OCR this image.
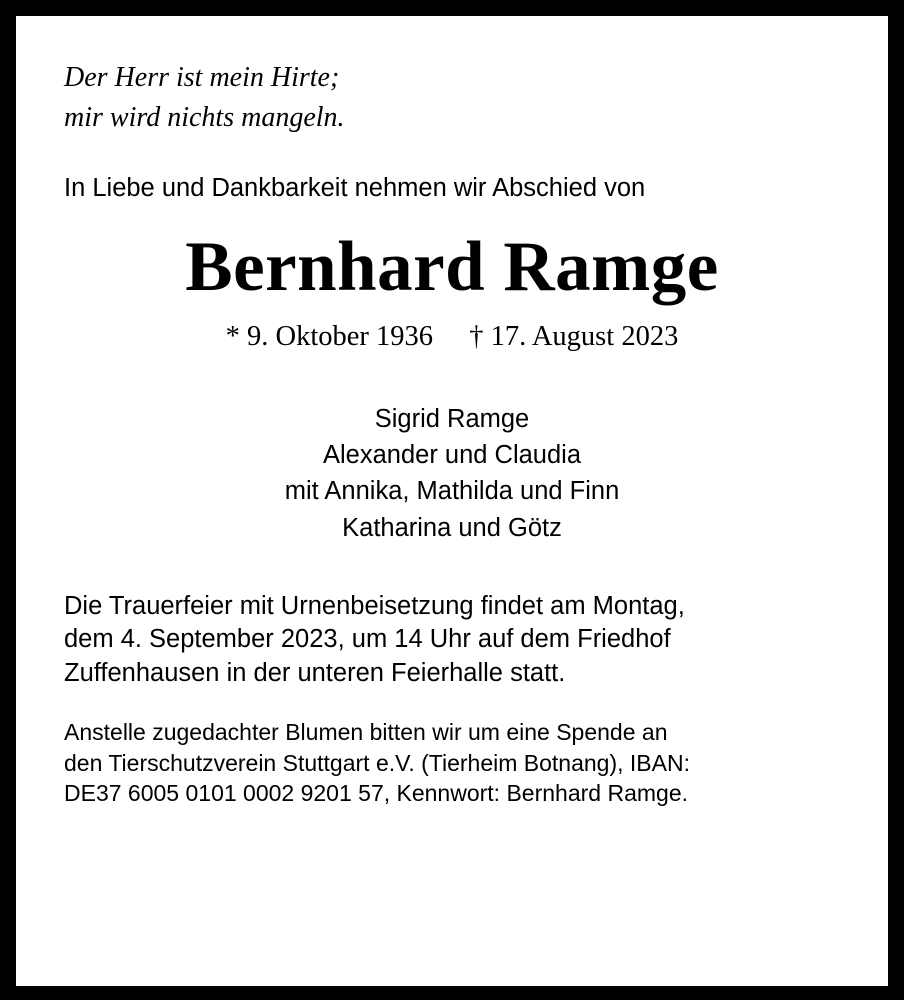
Der Herr ist mein Hirte;
mir wird nichts mangeln.

In Liebe und Dankbarkeit nehmen wir Abschied von

Bernhard Ramge
* 9. Oktober 1936 † 17. August 2023
Sigrid Ramge
Alexander und Claudia
mit Annika, Mathilda und Finn
Katharina und Götz
Die Trauerfeier mit Urnenbeisetzung findet am Montag,
dem 4. September 2023, um 14 Uhr auf dem Friedhof
Zuffenhausen in der unteren Feierhalle statt.
Anstelle zugedachter Blumen bitten wir um eine Spende an
den Tierschutzverein Stuttgart e.V. (Tierheim Botnang), IBAN:
DE37 6005 0101 0002 9201 57, Kennwort: Bernhard Ramge.
